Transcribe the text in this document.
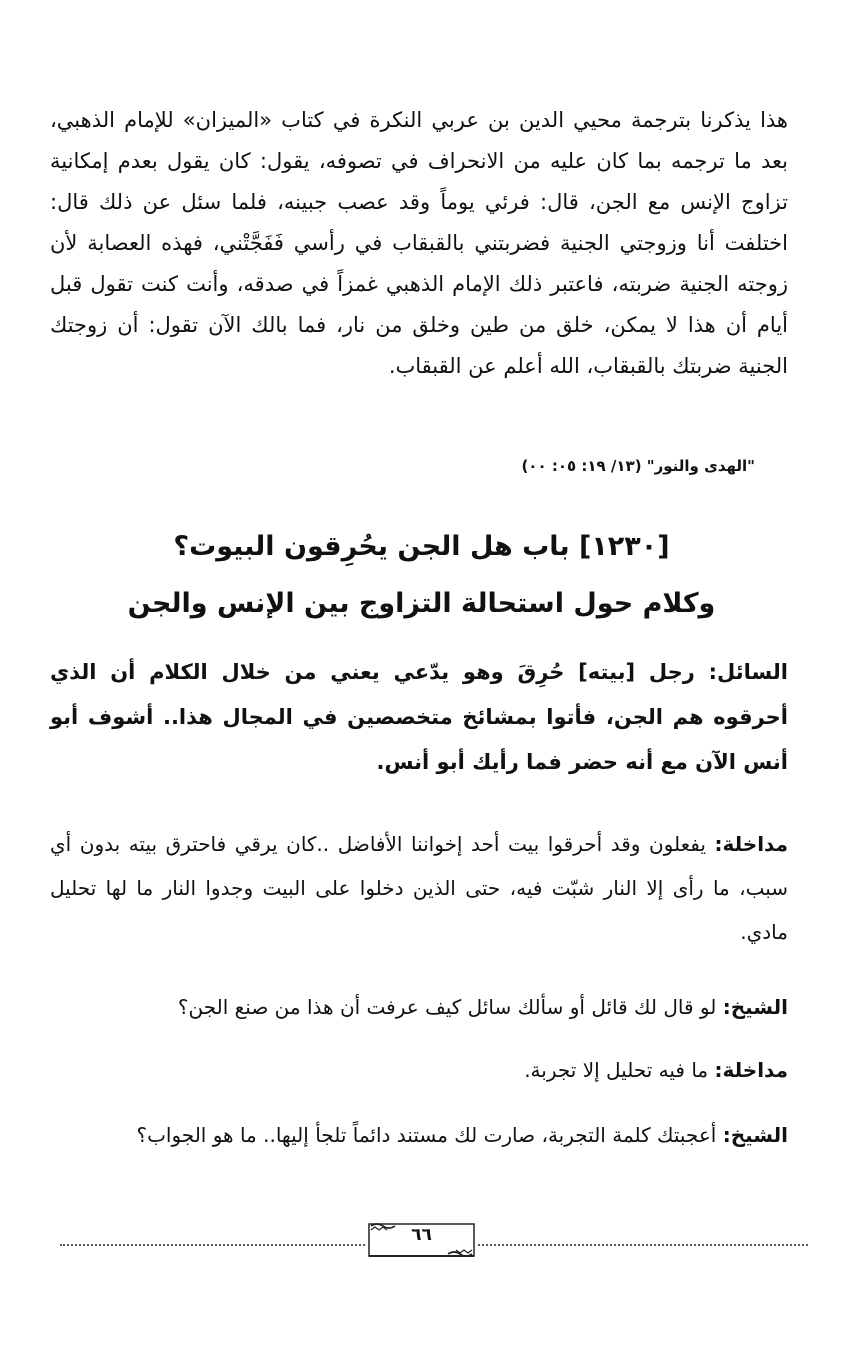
هذا يذكرنا بترجمة محيي الدين بن عربي النكرة في كتاب «الميزان» للإمام الذهبي، بعد ما ترجمه بما كان عليه من الانحراف في تصوفه، يقول: كان يقول بعدم إمكانية تزاوج الإنس مع الجن، قال: فرئي يوماً وقد عصب جبينه، فلما سئل عن ذلك قال: اختلفت أنا وزوجتي الجنية فضربتني بالقبقاب في رأسي فَفَجَّتْني، فهذه العصابة لأن زوجته الجنية ضربته، فاعتبر ذلك الإمام الذهبي غمزاً في صدقه، وأنت كنت تقول قبل أيام أن هذا لا يمكن، خلق من طين وخلق من نار، فما بالك الآن تقول: أن زوجتك الجنية ضربتك بالقبقاب، الله أعلم عن القبقاب.
"الهدى والنور" (١٣/ ١٩: ٠٥: ٠٠)
[١٢٣٠] باب هل الجن يحُرِقون البيوت؟
وكلام حول استحالة التزاوج بين الإنس والجن
السائل: رجل [بيته] حُرِقَ وهو يدّعي يعني من خلال الكلام أن الذي أحرقوه هم الجن، فأتوا بمشائخ متخصصين في المجال هذا.. أشوف أبو أنس الآن مع أنه حضر فما رأيك أبو أنس.
مداخلة: يفعلون وقد أحرقوا بيت أحد إخواننا الأفاضل ..كان يرقي فاحترق بيته بدون أي سبب، ما رأى إلا النار شبّت فيه، حتى الذين دخلوا على البيت وجدوا النار ما لها تحليل مادي.
الشيخ: لو قال لك قائل أو سألك سائل كيف عرفت أن هذا من صنع الجن؟
مداخلة: ما فيه تحليل إلا تجربة.
الشيخ: أعجبتك كلمة التجربة، صارت لك مستند دائماً تلجأ إليها.. ما هو الجواب؟
٦٦
